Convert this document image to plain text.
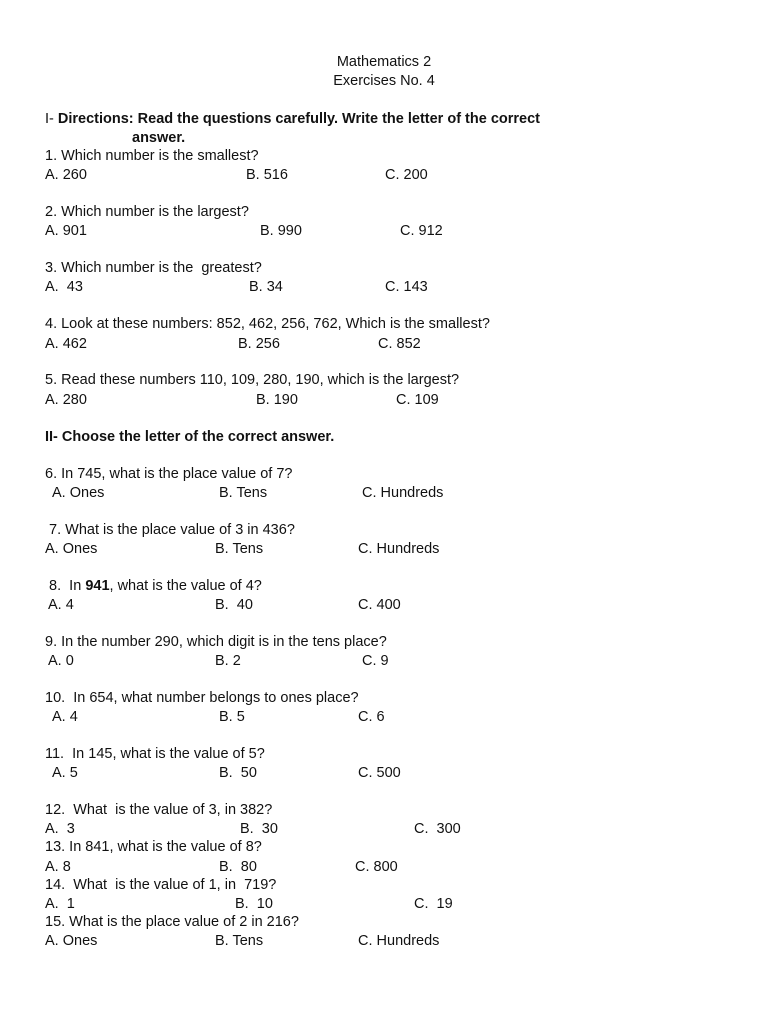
Mathematics 2
Exercises No. 4
I- Directions: Read the questions carefully. Write the letter of the correct
answer.
1. Which number is the smallest?
A. 260	B. 516	C. 200
2. Which number is the largest?
A. 901	B. 990	C. 912
3. Which number is the  greatest?
A.  43	B. 34	C. 143
4. Look at these numbers: 852, 462, 256, 762, Which is the smallest?
A. 462	B. 256	C. 852
5. Read these numbers 110, 109, 280, 190, which is the largest?
A. 280	B. 190	C. 109
II- Choose the letter of the correct answer.
6. In 745, what is the place value of 7?
A. Ones	B. Tens	C. Hundreds
7. What is the place value of 3 in 436?
A. Ones	B. Tens	C. Hundreds
8.  In 941, what is the value of 4?
A. 4	B.  40	C. 400
9. In the number 290, which digit is in the tens place?
A. 0	B. 2	C. 9
10.  In 654, what number belongs to ones place?
A. 4	B. 5	C. 6
11.  In 145, what is the value of 5?
A. 5	B.  50	C. 500
12.  What  is the value of 3, in 382?
A.  3	B.  30	C.  300
13. In 841, what is the value of 8?
A. 8	B.  80	C. 800
14.  What  is the value of 1, in  719?
A.  1	B.  10	C.  19
15. What is the place value of 2 in 216?
A. Ones	B. Tens	C. Hundreds
